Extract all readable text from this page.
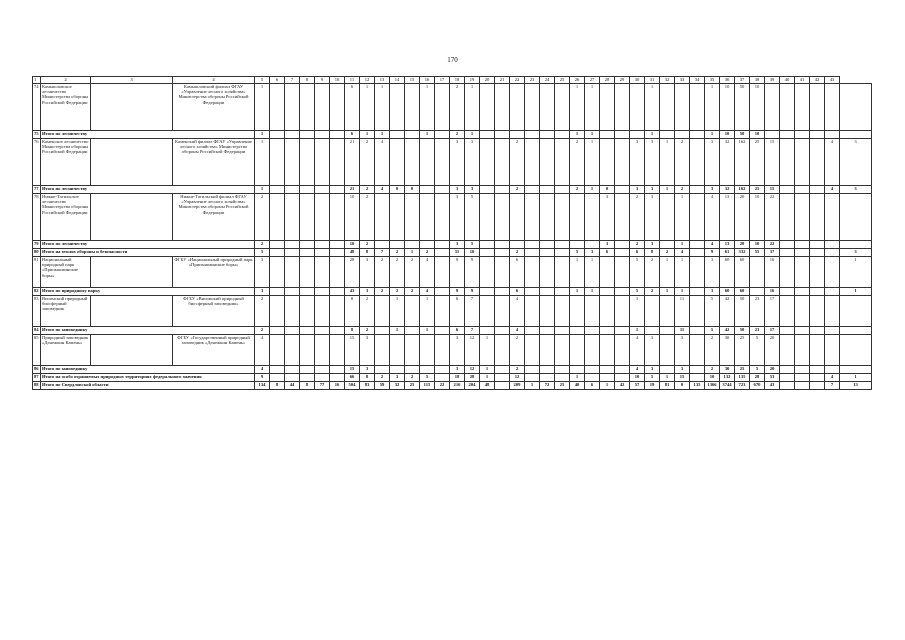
170
1	2	3	4	5	6	7	8	9	10	11	12	13	14	15	16	17	18	19	20	21	22	23	24	25	26	27	28	29	30	31	32	33	34	35	36	37	38	39	40	41	42	43	
74	Камышловское лесничество Министерства обороны Российской Федерации		Камышловский филиал ФГАУ «Управление лесного хозяйства» Министерства обороны Российской Федерации	1						6	1	1			1		2	1							1	1				1				1	10	50	10						
75	Итого по лесничеству			1						6	1	1			1		2	1							1	1				1				1	10	50	10						
76	Каменское лесничество Министерства обороны Российской Федерации		Каменский филиал ФГАУ «Управление лесного хозяйства» Министерства обороны Российской Федерации	1						21	2	4					3	3			2				2	1			3	3	1	2		3	32	162	25	15				4	3
77	Итого по лесничеству			1						21	2	4	0	0			3	3			2				2	1	0		3	3	1	2		3	32	162	25	15				4	3
78	Нижне-Тагильское лесничество Министерства обороны Российской Федерации		Нижне-Тагильский филиал ФГАУ «Управление лесного хозяйства» Министерства обороны Российской Федерации	2						10	2						3	5									3		2	3		1		4	13	20	10	22					
79	Итого по лесничеству			2						10	2						3	5									3		2	3		1		4	13	20	10	22					
80	Итого на землях обороны и безопасности			5						48	8	7	2	1	2		11	10			2				5	3	6		6	8	2	4		9	61	332	55	37					3
81	Национальный природный парк «Припышминские боры»		ФГБУ «Национальный природный парк «Припышминские боры»	3						28	3	2	2	2	4		9	9			6				1	1			5	2	1	1		3	60	60		16					1
82	Итого по природному парку			3						43	3	2	2	2	4		9	9			6				1	1			5	2	1	1		3	60	60		16					1
83	Висимский природный биосферный заповедник		ФГБУ «Висимский природный биосферный заповедник»	2						8	2		1		1		6	7			4								1			11		5	42	50	23	17					
84	Итого по заповеднику			2						8	2		1		1		6	7			4								1			11		5	42	50	23	17					
85	Природный заповедник «Денежкин Камень»		ФГБУ «Государственный природный заповедник «Денежкин Камень»	4						15	3						3	12	1		2								4	3		3		2	30	25	5	20					
86	Итого по заповеднику			4						15	3						3	12	1		2								4	3		3		2	30	25	5	20					
87	Итого на особо охраняемых природных территориях федерального значения			9						66	8	2	3	2	5		18	28	1		12				1				10	5	1	15		10	132	135	28	53				4	1
88	Итого по Свердловской области			134	8	44	8	77	16	504	83	59	32	25	115	22	216	204	48		209	1	72	25	40	6	1	42	57	19	81	0	135	1366	3744	723	670	43				7	13
